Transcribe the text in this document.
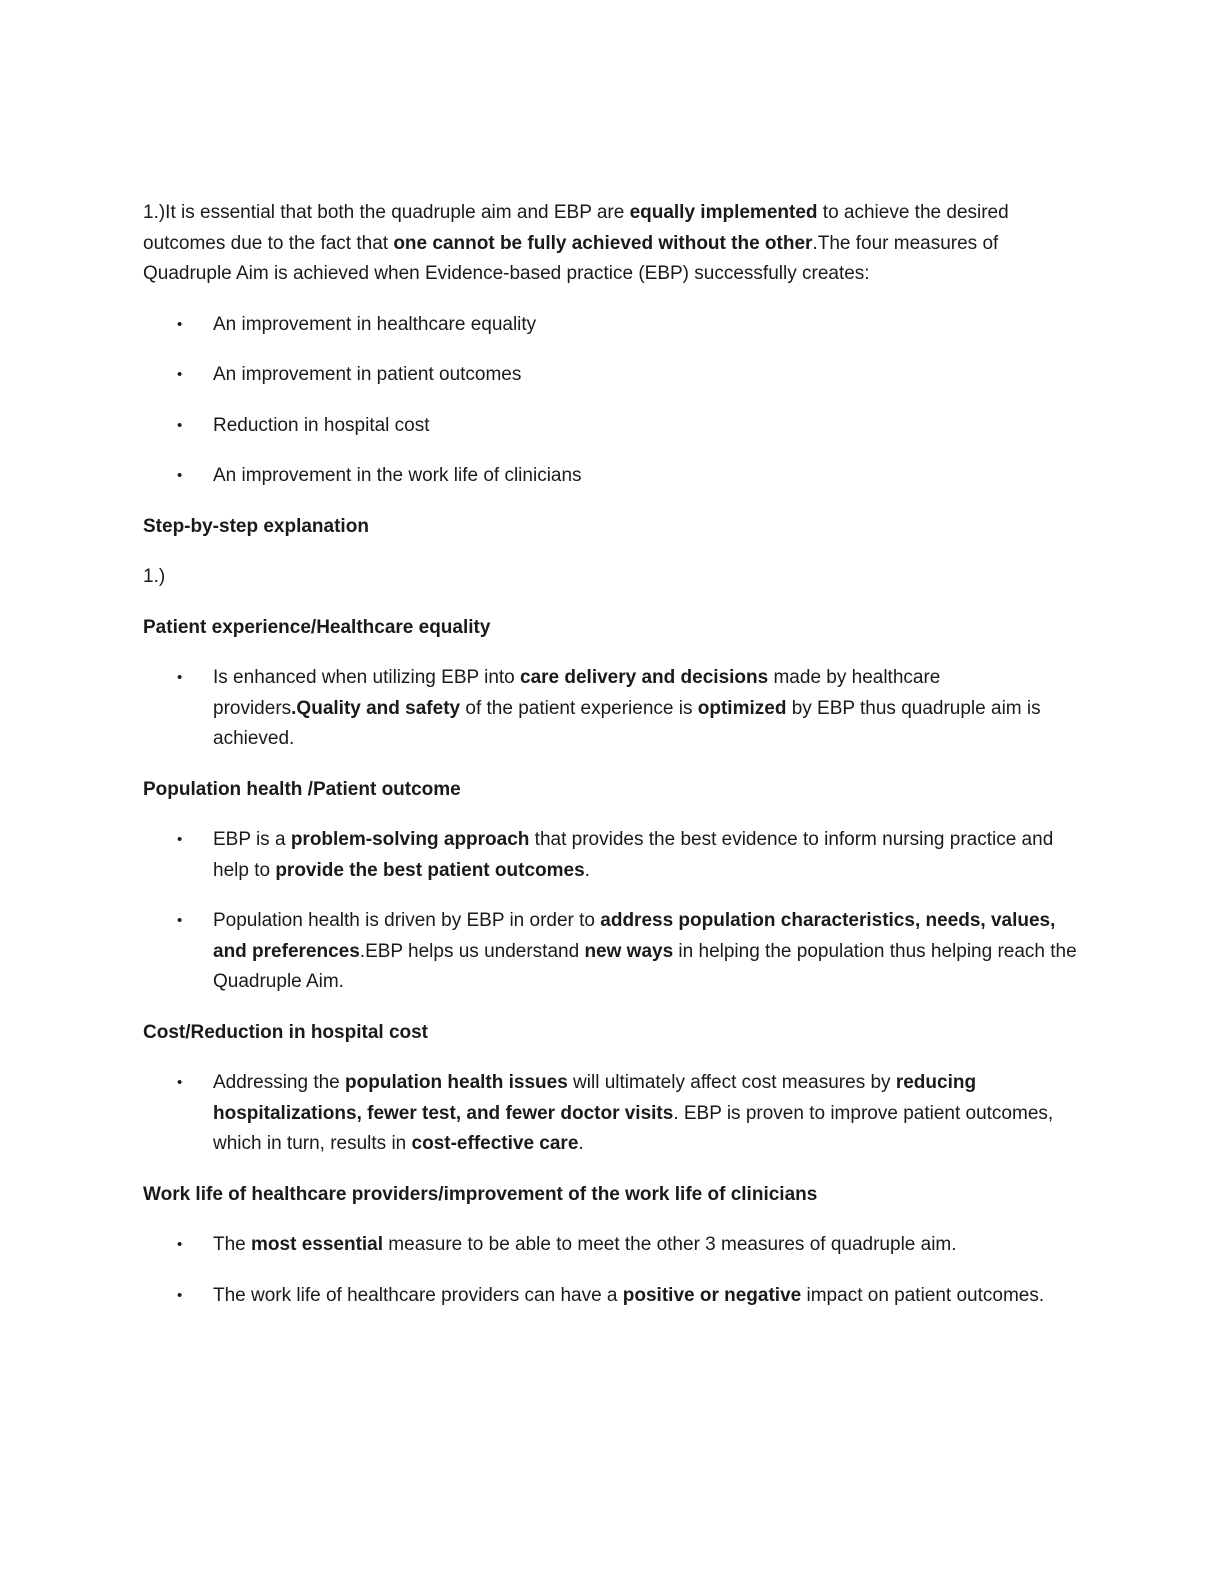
1.)It is essential that both the quadruple aim and EBP are equally implemented to achieve the desired outcomes due to the fact that one cannot be fully achieved without the other.The four measures of Quadruple Aim is achieved when Evidence-based practice (EBP) successfully creates:

• An improvement in healthcare equality
• An improvement in patient outcomes
• Reduction in hospital cost
• An improvement in the work life of clinicians

Step-by-step explanation

1.)

Patient experience/Healthcare equality

• Is enhanced when utilizing EBP into care delivery and decisions made by healthcare providers.Quality and safety of the patient experience is optimized by EBP thus quadruple aim is achieved.

Population health /Patient outcome

• EBP is a problem-solving approach that provides the best evidence to inform nursing practice and help to provide the best patient outcomes.
• Population health is driven by EBP in order to address population characteristics, needs, values, and preferences.EBP helps us understand new ways in helping the population thus helping reach the Quadruple Aim.

Cost/Reduction in hospital cost

• Addressing the population health issues will ultimately affect cost measures by reducing hospitalizations, fewer test, and fewer doctor visits. EBP is proven to improve patient outcomes, which in turn, results in cost-effective care.

Work life of healthcare providers/improvement of the work life of clinicians

• The most essential measure to be able to meet the other 3 measures of quadruple aim.
• The work life of healthcare providers can have a positive or negative impact on patient outcomes.
